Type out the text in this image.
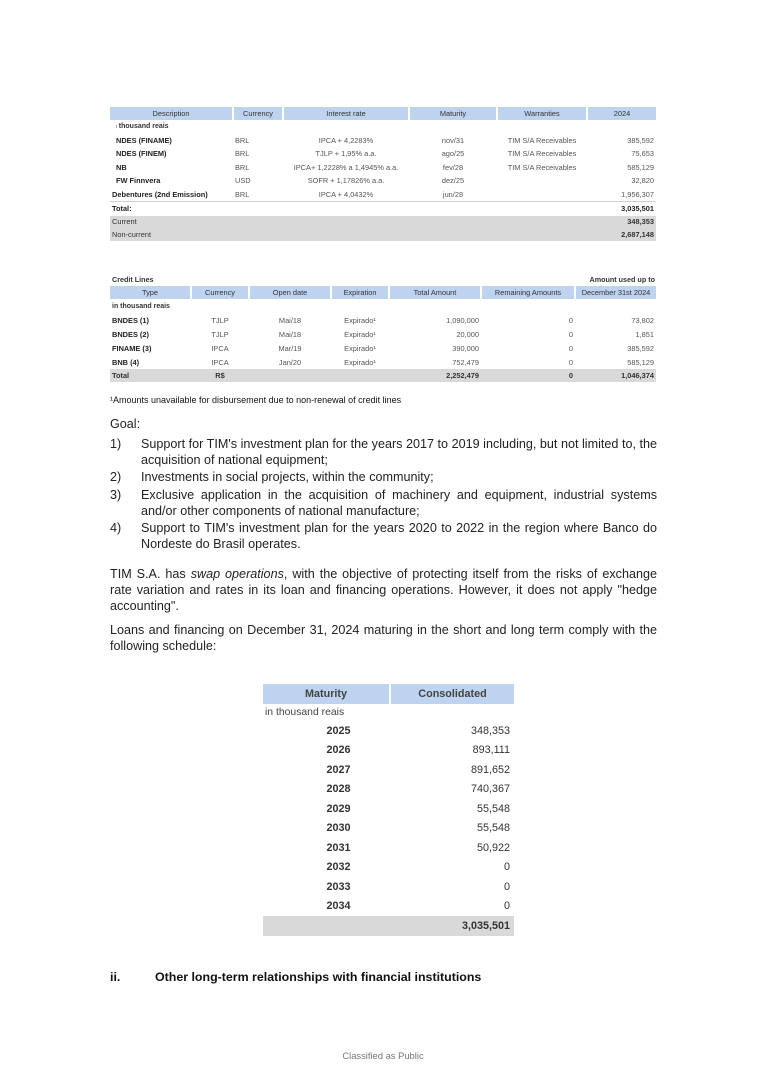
Description	Currency	Interest rate	Maturity	Warranties	2024
ı thousand reais					
NDES (FINAME)	BRL	IPCA + 4,2283%	nov/31	TIM S/A Receivables	385,592
NDES (FINEM)	BRL	TJLP + 1,95% a.a.	ago/25	TIM S/A Receivables	75,653
NB	BRL	IPCA+ 1,2228% a 1,4945% a.a.	fev/28	TIM S/A Receivables	585,129
FW Finnvera	USD	SOFR + 1,17826% a.a.	dez/25		32,820
Debentures (2nd Emission)	BRL	IPCA + 4,0432%	jun/28		1,956,307
Total:					3,035,501
Current					348,353
Non-current					2,687,148
Credit Lines	Amount used up to
Type	Currency	Open date	Expiration	Total Amount	Remaining Amounts	December 31st 2024
in thousand reais						
BNDES (1)	TJLP	Mai/18	Expirado¹	1,090,000	0	73,802
BNDES (2)	TJLP	Mai/18	Expirado¹	20,000	0	1,851
FINAME (3)	IPCA	Mar/19	Expirado¹	390,000	0	385,592
BNB (4)	IPCA	Jan/20	Expirado¹	752,479	0	585,129
Total	R$			2,252,479	0	1,046,374
¹Amounts unavailable for disbursement due to non-renewal of credit lines
Goal:
1)	Support for TIM's investment plan for the years 2017 to 2019 including, but not limited to, the acquisition of national equipment;
2)	Investments in social projects, within the community;
3)	Exclusive application in the acquisition of machinery and equipment, industrial systems and/or other components of national manufacture;
4)	Support to TIM's investment plan for the years 2020 to 2022 in the region where Banco do Nordeste do Brasil operates.
TIM S.A. has swap operations, with the objective of protecting itself from the risks of exchange rate variation and rates in its loan and financing operations. However, it does not apply "hedge accounting".
Loans and financing on December 31, 2024 maturing in the short and long term comply with the following schedule:
Maturity	Consolidated
in thousand reais	
2025	348,353
2026	893,111
2027	891,652
2028	740,367
2029	55,548
2030	55,548
2031	50,922
2032	0
2033	0
2034	0
	3,035,501
ii.	Other long-term relationships with financial institutions
Classified as Public
